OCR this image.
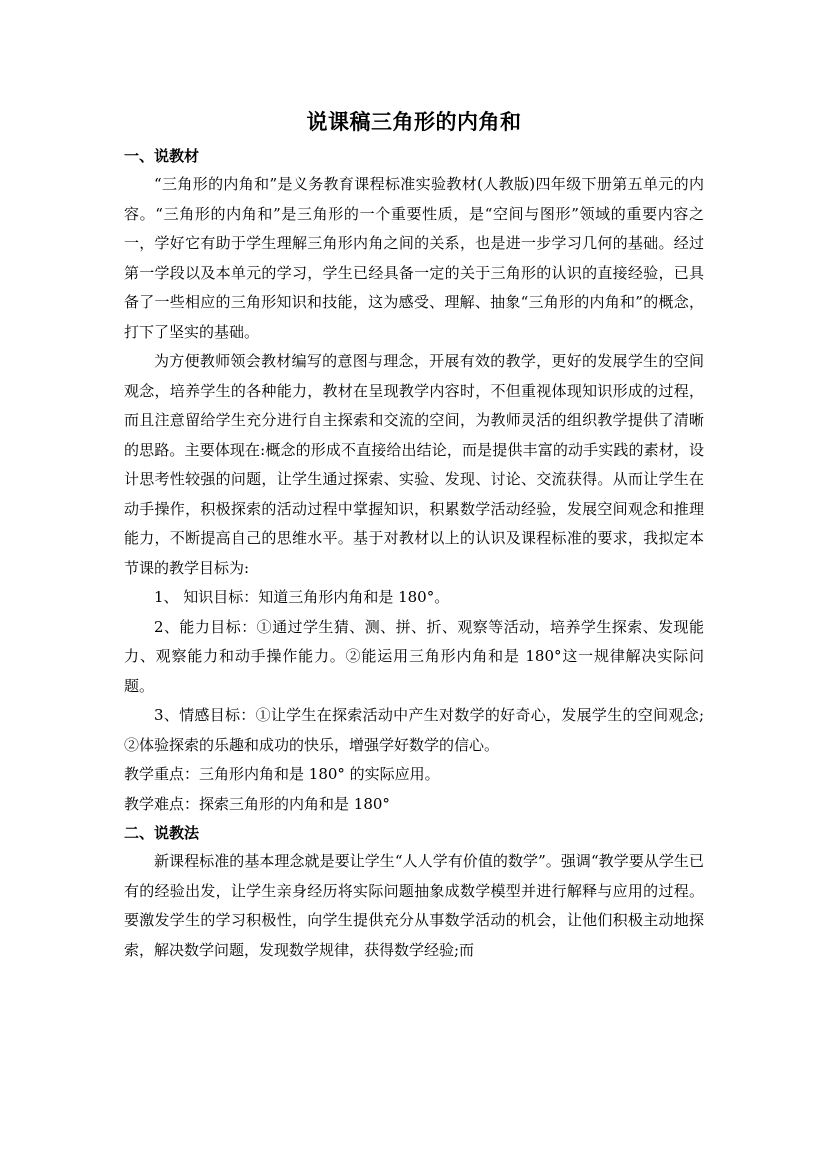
说课稿三角形的内角和

一、说教材

“三角形的内角和”是义务教育课程标准实验教材(人教版)四年级下册第五单元的内容。“三角形的内角和”是三角形的一个重要性质，是“空间与图形”领域的重要内容之一，学好它有助于学生理解三角形内角之间的关系，也是进一步学习几何的基础。经过第一学段以及本单元的学习，学生已经具备一定的关于三角形的认识的直接经验，已具备了一些相应的三角形知识和技能，这为感受、理解、抽象“三角形的内角和”的概念，打下了坚实的基础。

为方便教师领会教材编写的意图与理念，开展有效的教学，更好的发展学生的空间观念，培养学生的各种能力，教材在呈现教学内容时，不但重视体现知识形成的过程，而且注意留给学生充分进行自主探索和交流的空间，为教师灵活的组织教学提供了清晰的思路。主要体现在:概念的形成不直接给出结论，而是提供丰富的动手实践的素材，设计思考性较强的问题，让学生通过探索、实验、发现、讨论、交流获得。从而让学生在动手操作，积极探索的活动过程中掌握知识，积累数学活动经验，发展空间观念和推理能力，不断提高自己的思维水平。基于对教材以上的认识及课程标准的要求，我拟定本节课的教学目标为:

1、 知识目标：知道三角形内角和是 180°。

2、能力目标：①通过学生猜、测、拼、折、观察等活动，培养学生探索、发现能力、观察能力和动手操作能力。②能运用三角形内角和是 180°这一规律解决实际问题。

3、情感目标：①让学生在探索活动中产生对数学的好奇心，发展学生的空间观念;②体验探索的乐趣和成功的快乐，增强学好数学的信心。

教学重点：三角形内角和是 180° 的实际应用。

教学难点：探索三角形的内角和是 180°

二、说教法

新课程标准的基本理念就是要让学生“人人学有价值的数学”。强调“教学要从学生已有的经验出发，让学生亲身经历将实际问题抽象成数学模型并进行解释与应用的过程。要激发学生的学习积极性，向学生提供充分从事数学活动的机会，让他们积极主动地探索，解决数学问题，发现数学规律，获得数学经验;而
